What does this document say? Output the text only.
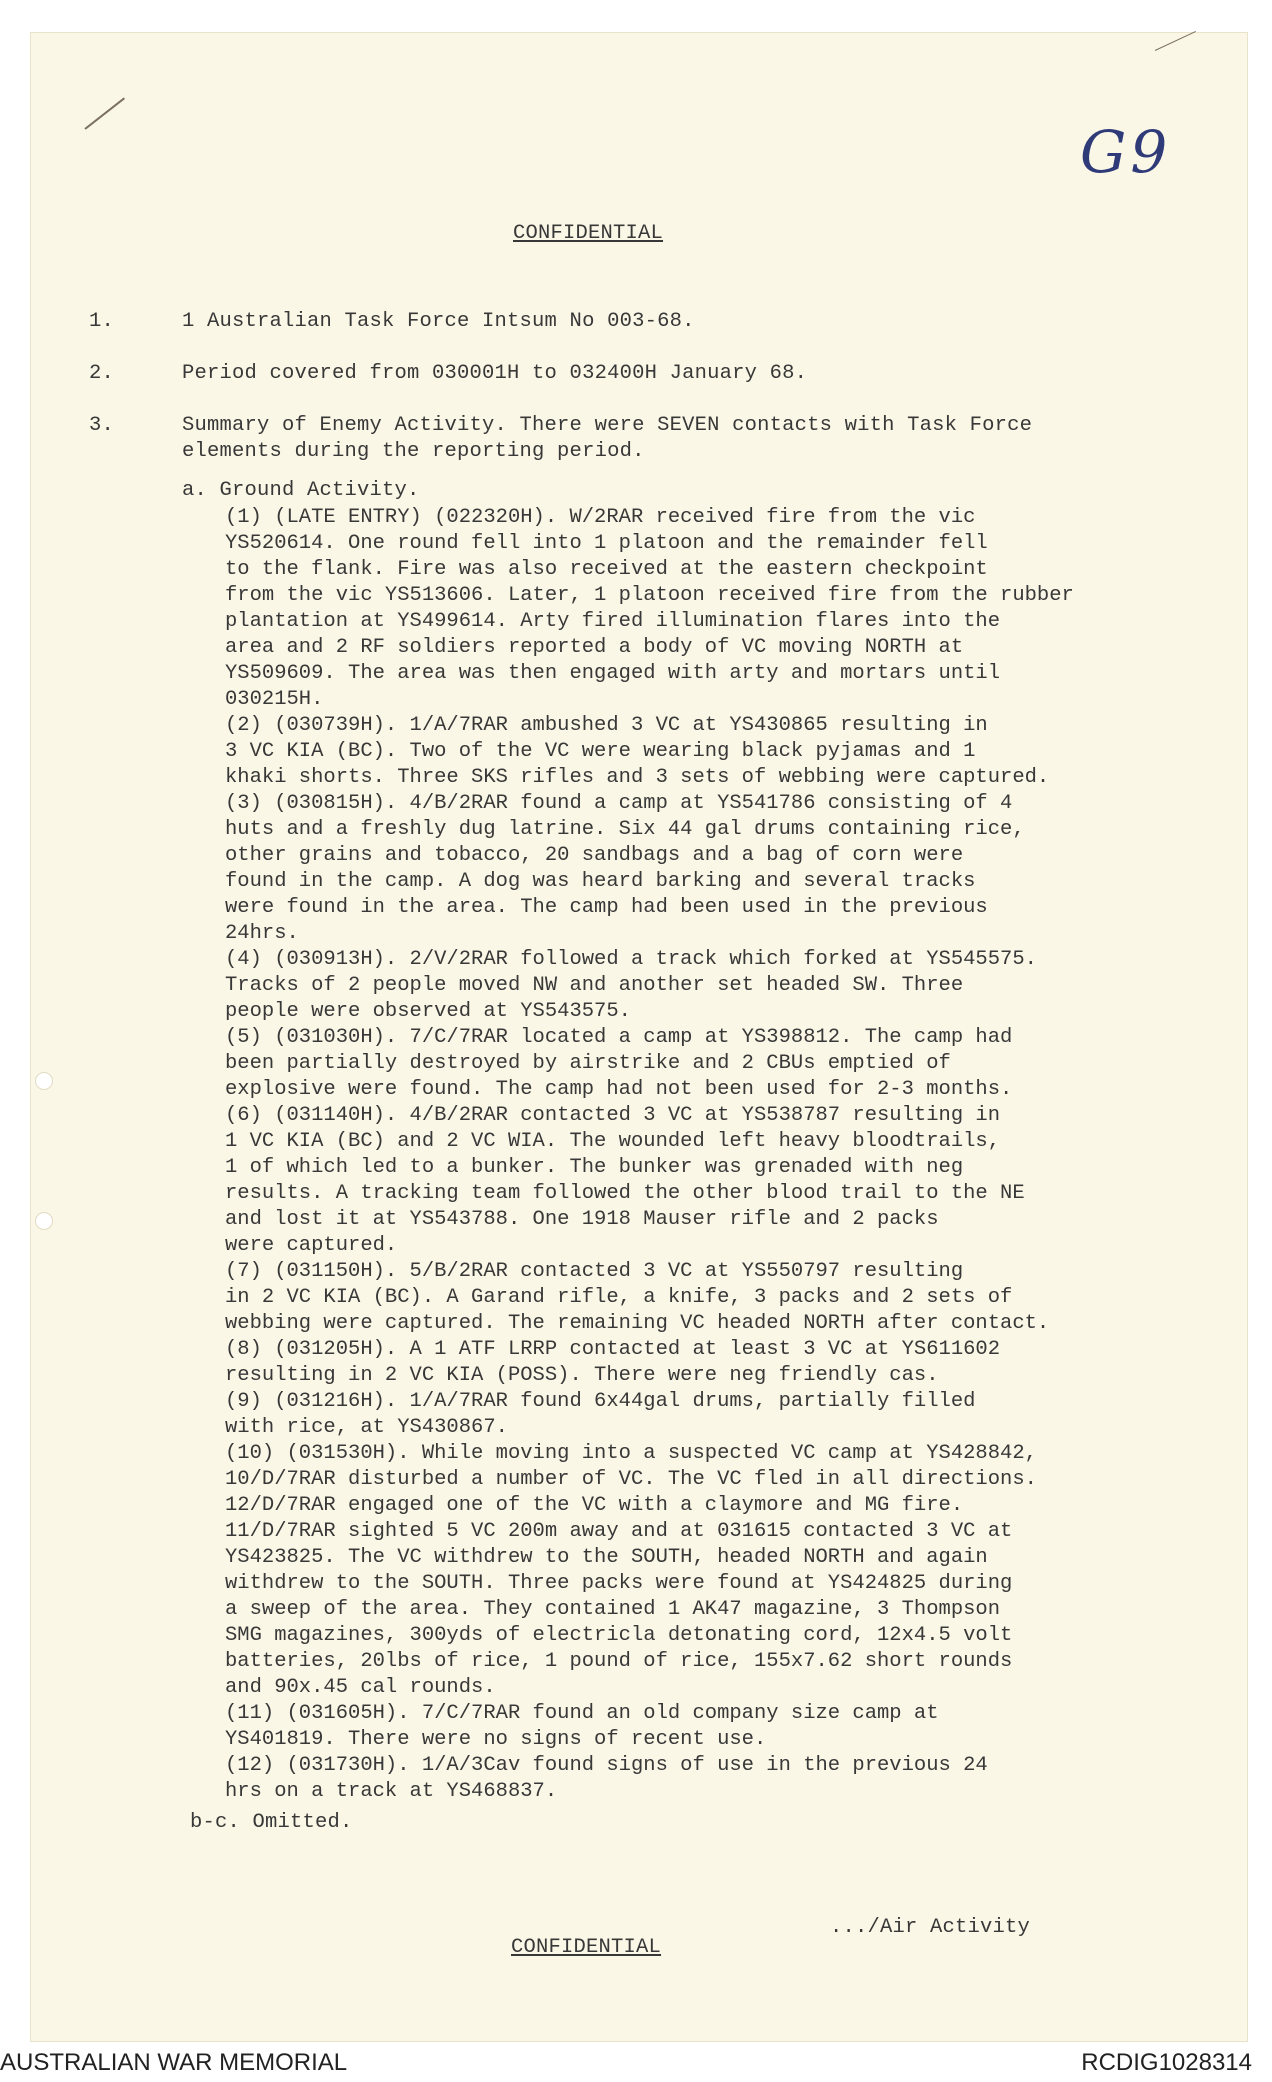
G9
CONFIDENTIAL
1.	1 Australian Task Force Intsum No 003-68.
2.	Period covered from 030001H to 032400H January 68.
3.	Summary of Enemy Activity. There were SEVEN contacts with Task Force
elements during the reporting period.
a. Ground Activity.
(1) (LATE ENTRY) (022320H). W/2RAR received fire from the vic
YS520614. One round fell into 1 platoon and the remainder fell
to the flank. Fire was also received at the eastern checkpoint
from the vic YS513606. Later, 1 platoon received fire from the rubber
plantation at YS499614. Arty fired illumination flares into the
area and 2 RF soldiers reported a body of VC moving NORTH at
YS509609. The area was then engaged with arty and mortars until
030215H.
(2) (030739H). 1/A/7RAR ambushed 3 VC at YS430865 resulting in
3 VC KIA (BC). Two of the VC were wearing black pyjamas and 1
khaki shorts. Three SKS rifles and 3 sets of webbing were captured.
(3) (030815H). 4/B/2RAR found a camp at YS541786 consisting of 4
huts and a freshly dug latrine. Six 44 gal drums containing rice,
other grains and tobacco, 20 sandbags and a bag of corn were
found in the camp. A dog was heard barking and several tracks
were found in the area. The camp had been used in the previous
24hrs.
(4) (030913H). 2/V/2RAR followed a track which forked at YS545575.
Tracks of 2 people moved NW and another set headed SW. Three
people were observed at YS543575.
(5) (031030H). 7/C/7RAR located a camp at YS398812. The camp had
been partially destroyed by airstrike and 2 CBUs emptied of
explosive were found. The camp had not been used for 2-3 months.
(6) (031140H). 4/B/2RAR contacted 3 VC at YS538787 resulting in
1 VC KIA (BC) and 2 VC WIA. The wounded left heavy bloodtrails,
1 of which led to a bunker. The bunker was grenaded with neg
results. A tracking team followed the other blood trail to the NE
and lost it at YS543788. One 1918 Mauser rifle and 2 packs
were captured.
(7) (031150H). 5/B/2RAR contacted 3 VC at YS550797 resulting
in 2 VC KIA (BC). A Garand rifle, a knife, 3 packs and 2 sets of
webbing were captured. The remaining VC headed NORTH after contact.
(8) (031205H). A 1 ATF LRRP contacted at least 3 VC at YS611602
resulting in 2 VC KIA (POSS). There were neg friendly cas.
(9) (031216H). 1/A/7RAR found 6x44gal drums, partially filled
with rice, at YS430867.
(10) (031530H). While moving into a suspected VC camp at YS428842,
10/D/7RAR disturbed a number of VC. The VC fled in all directions.
12/D/7RAR engaged one of the VC with a claymore and MG fire.
11/D/7RAR sighted 5 VC 200m away and at 031615 contacted 3 VC at
YS423825. The VC withdrew to the SOUTH, headed NORTH and again
withdrew to the SOUTH. Three packs were found at YS424825 during
a sweep of the area. They contained 1 AK47 magazine, 3 Thompson
SMG magazines, 300yds of electricla detonating cord, 12x4.5 volt
batteries, 20lbs of rice, 1 pound of rice, 155x7.62 short rounds
and 90x.45 cal rounds.
(11) (031605H). 7/C/7RAR found an old company size camp at
YS401819. There were no signs of recent use.
(12) (031730H). 1/A/3Cav found signs of use in the previous 24
hrs on a track at YS468837.
b-c. Omitted.
.../Air Activity
CONFIDENTIAL
AUSTRALIAN WAR MEMORIAL	RCDIG1028314
